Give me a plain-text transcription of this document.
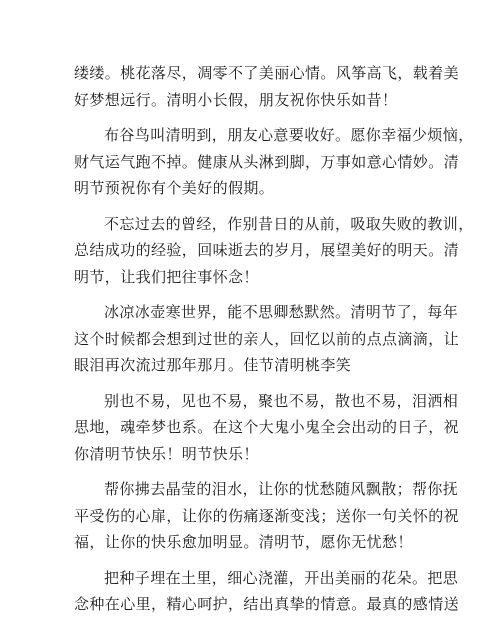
缕缕。桃花落尽，凋零不了美丽心情。风筝高飞，载着美
好梦想远行。清明小长假，朋友祝你快乐如昔！

布谷鸟叫清明到，朋友心意要收好。愿你幸福少烦恼，
财气运气跑不掉。健康从头淋到脚，万事如意心情妙。清
明节预祝你有个美好的假期。

不忘过去的曾经，作别昔日的从前，吸取失败的教训，
总结成功的经验，回味逝去的岁月，展望美好的明天。清
明节，让我们把往事怀念！

冰凉冰壶寒世界，能不思卿愁默然。清明节了，每年
这个时候都会想到过世的亲人，回忆以前的点点滴滴，让
眼泪再次流过那年那月。佳节清明桃李笑

别也不易，见也不易，聚也不易，散也不易，泪洒相
思地，魂牵梦也系。在这个大鬼小鬼全会出动的日子，祝
你清明节快乐！明节快乐！

帮你拂去晶莹的泪水，让你的忧愁随风飘散；帮你抚
平受伤的心扉，让你的伤痛逐渐变浅；送你一句关怀的祝
福，让你的快乐愈加明显。清明节，愿你无忧愁！

把种子埋在土里，细心浇灌，开出美丽的花朵。把思
念种在心里，精心呵护，结出真挚的情意。最真的感情送
